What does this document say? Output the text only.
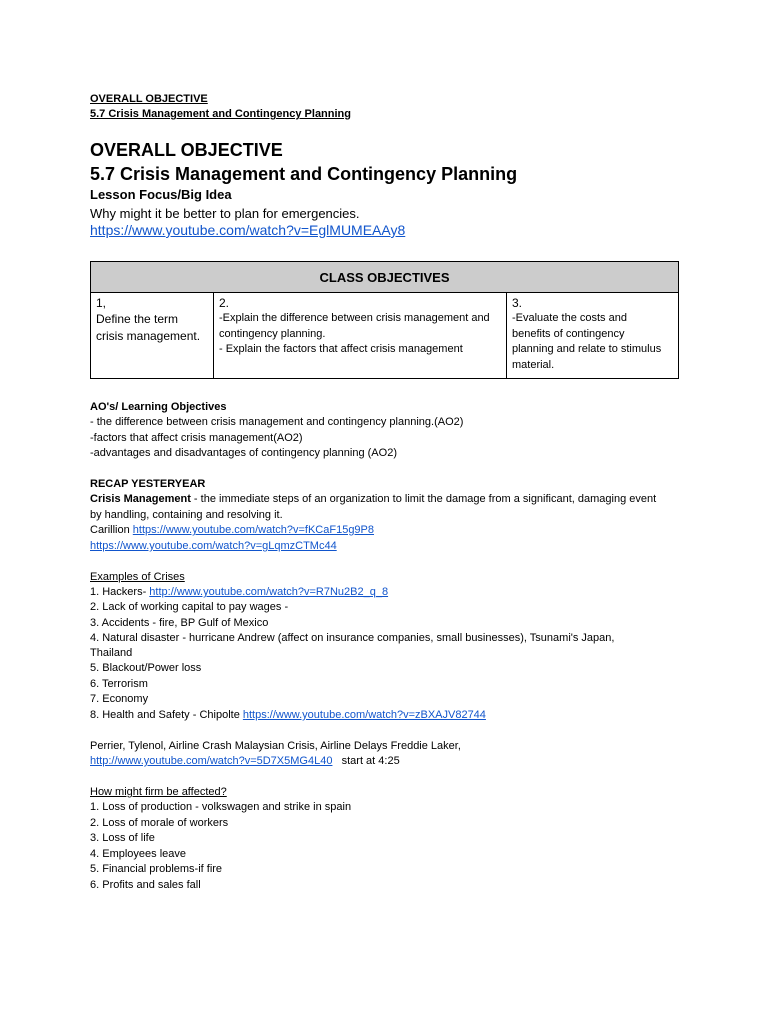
OVERALL OBJECTIVE
5.7 Crisis Management and Contingency Planning
OVERALL OBJECTIVE
5.7 Crisis Management and Contingency Planning
Lesson Focus/Big Idea
Why might it be better to plan for emergencies.
https://www.youtube.com/watch?v=EglMUMEAAy8
CLASS OBJECTIVES

1,
Define the term
crisis management.

2.
-Explain the difference between crisis management and
contingency planning.
- Explain the factors that affect crisis management

3.
-Evaluate the costs and
benefits of contingency
planning and relate to stimulus
material.
AO's/ Learning Objectives
- the difference between crisis management and contingency planning.(AO2)
-factors that affect crisis management(AO2)
-advantages and disadvantages of contingency planning (AO2)
RECAP YESTERYEAR
Crisis Management - the immediate steps of an organization to limit the damage from a significant, damaging event
by handling, containing and resolving it.
Carillion https://www.youtube.com/watch?v=fKCaF15g9P8
https://www.youtube.com/watch?v=gLqmzCTMc44
Examples of Crises
1. Hackers- http://www.youtube.com/watch?v=R7Nu2B2_q_8
2. Lack of working capital to pay wages -
3. Accidents - fire, BP Gulf of Mexico
4. Natural disaster - hurricane Andrew (affect on insurance companies, small businesses), Tsunami's Japan,
Thailand
5. Blackout/Power loss
6. Terrorism
7. Economy
8. Health and Safety - Chipolte https://www.youtube.com/watch?v=zBXAJV82744
Perrier, Tylenol, Airline Crash Malaysian Crisis, Airline Delays Freddie Laker,
http://www.youtube.com/watch?v=5D7X5MG4L40   start at 4:25
How might firm be affected?
1. Loss of production - volkswagen and strike in spain
2. Loss of morale of workers
3. Loss of life
4. Employees leave
5. Financial problems-if fire
6. Profits and sales fall
